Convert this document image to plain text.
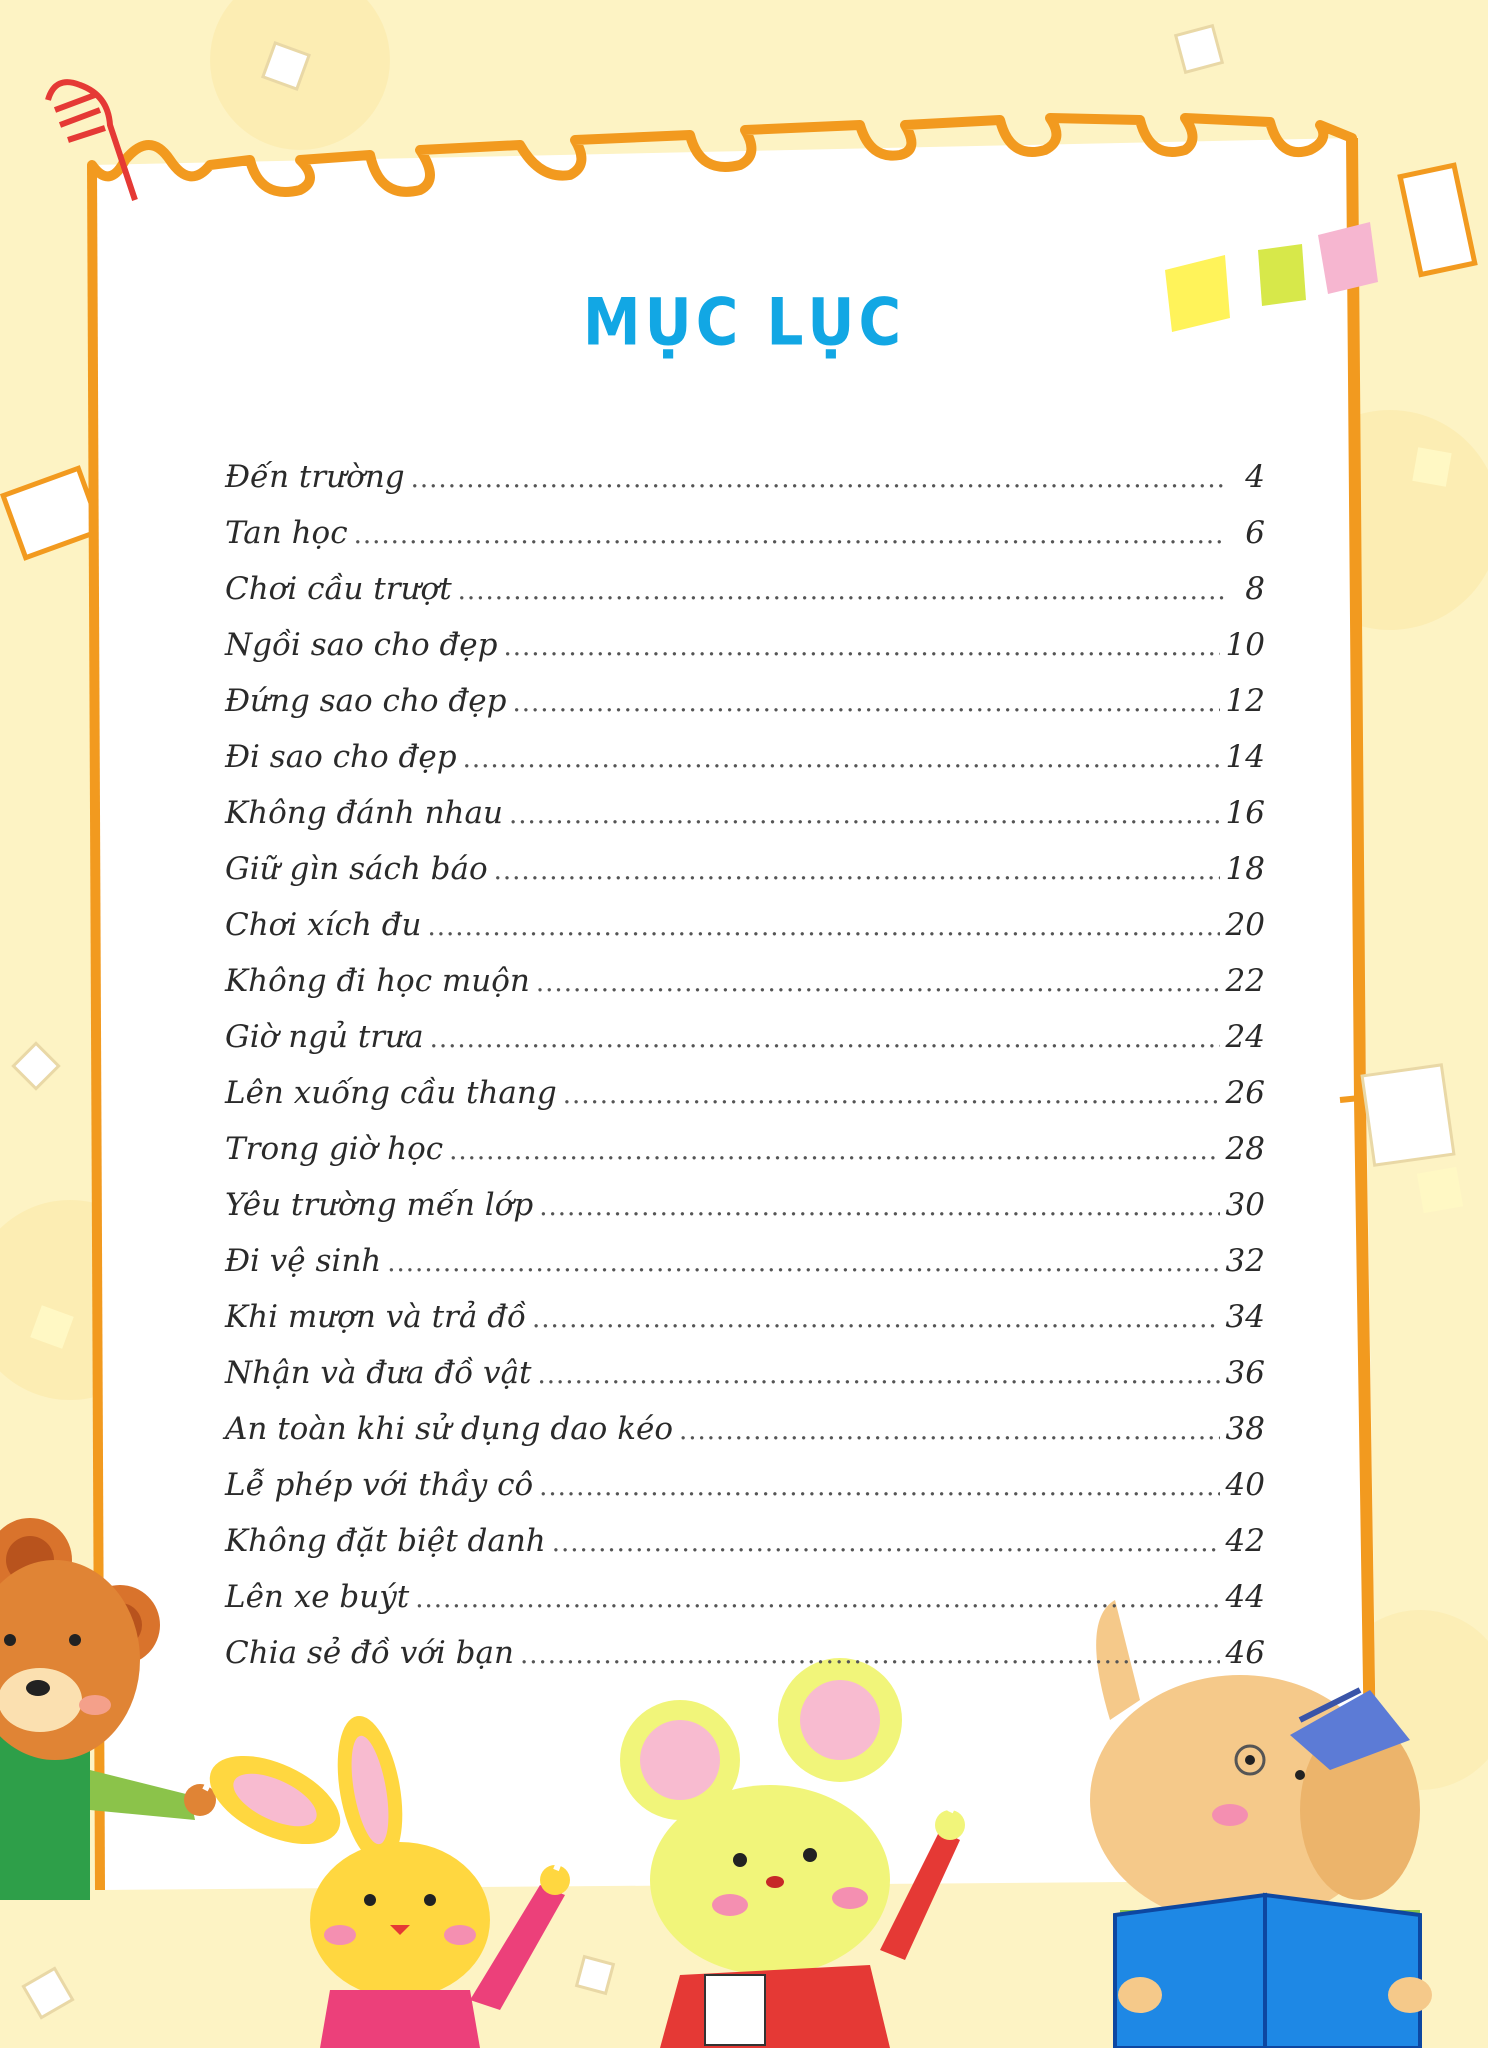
MỤC LỤC
Đến trường .....	4
Tan học .....	6
Chơi cầu trượt .....	8
Ngồi sao cho đẹp .....	10
Đứng sao cho đẹp .....	12
Đi sao cho đẹp .....	14
Không đánh nhau .....	16
Giữ gìn sách báo .....	18
Chơi xích đu .....	20
Không đi học muộn .....	22
Giờ ngủ trưa .....	24
Lên xuống cầu thang .....	26
Trong giờ học .....	28
Yêu trường mến lớp .....	30
Đi vệ sinh .....	32
Khi mượn và trả đồ .....	34
Nhận và đưa đồ vật .....	36
An toàn khi sử dụng dao kéo .....	38
Lễ phép với thầy cô .....	40
Không đặt biệt danh .....	42
Lên xe buýt .....	44
Chia sẻ đồ với bạn .....	46
